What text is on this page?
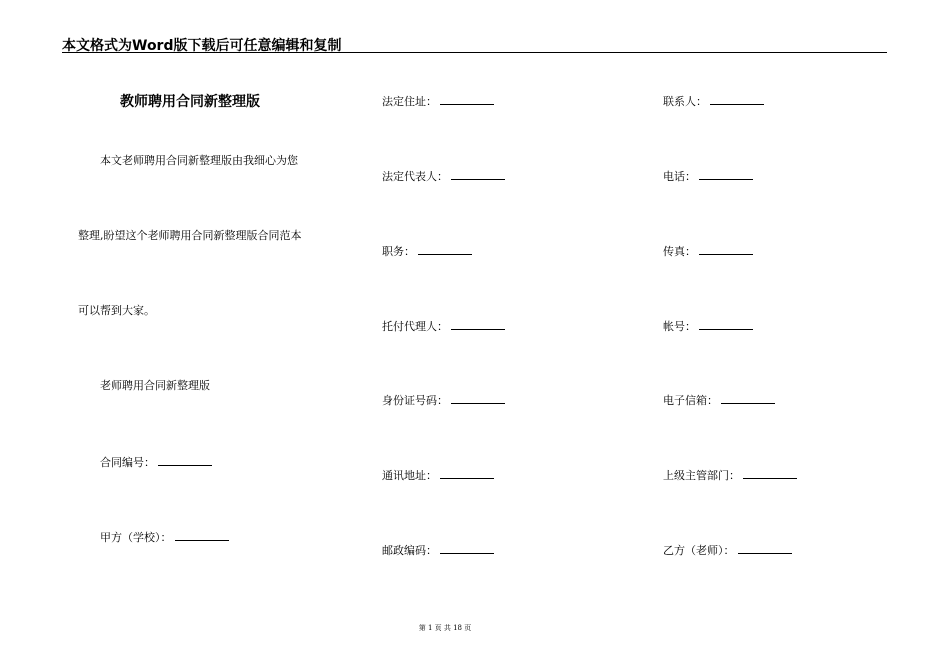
本文格式为Word版下载后可任意编辑和复制
教师聘用合同新整理版
本文老师聘用合同新整理版由我细心为您
整理,盼望这个老师聘用合同新整理版合同范本
可以帮到大家。
老师聘用合同新整理版
合同编号：
甲方（学校）：
法定住址：
法定代表人：
职务：
托付代理人：
身份证号码：
通讯地址：
邮政编码：
联系人：
电话：
传真：
帐号：
电子信箱：
上级主管部门：
乙方（老师）：
第 1 页 共 18 页
